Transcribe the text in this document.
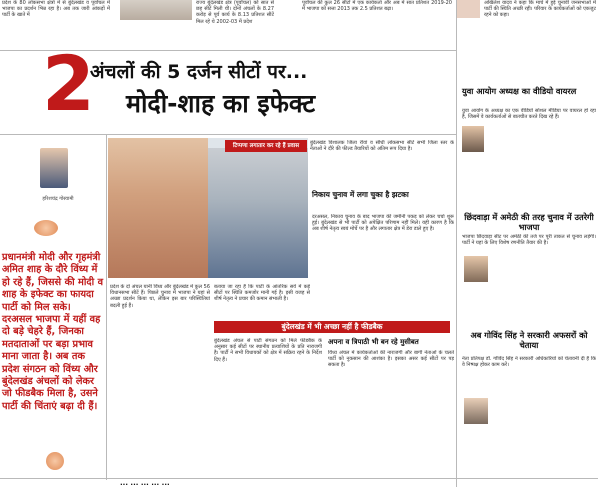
प्रदेश के 80 लोकसभा क्षेत्रों में से बुंदेलखंड व पूर्वांचल में भाजपा का प्रदर्शन भिन्न रहा है। अब तक जारी आंकड़ों में पार्टी के खाते में
राज्य बुंदेलखंड क्षेत्र (पूर्वांचल) को सात से छह सीटें मिली थीं। दोनों अंचलों के 8.27 करोड़ से पूर्व कार्य के 8.13 प्रतिशत सीटें मिल रहे थे 2002-03 में प्रदेश
पूर्वांचल की कुल 26 सीटों में एक कार्यकर्ता और अब में सात प्रतिशत 2019-20 में भाजपा को सत्ता 2013 तक 2.5 प्रतिशत बढ़ा।
अखिलेश यादव ने कहा कि मार्च में हुई चुनावी जनसभाओं में पार्टी की स्थिति अच्छी रही। परिवार के कार्यकर्ताओं को एकजुट रहने को कहा।
2
अंचलों की 5 दर्जन सीटों पर...
मोदी-शाह का इफेक्ट
हरिशचंद्र गोस्वामी
प्रधानमंत्री मोदी और गृहमंत्री अमित शाह के दौरे विंध्य में हो रहे हैं, जिससे की मोदी व शाह के इफेक्ट का फायदा पार्टी को मिल सके। दरअसल भाजपा में यहीं वह दो बड़े चेहरे हैं, जिनका मतदाताओं पर बड़ा प्रभाव माना जाता है। अब तक प्रदेश संगठन को विंध्य और बुंदेलखंड अंचलों को लेकर जो फीडबैक मिला है, उसने पार्टी की चिंताएं बढ़ा दी हैं।
टिप्पणा लगातार कर रहे हैं प्रवास	बुंदेलखंड विशालक जिला रीवां व सीधी लोकसभा सीटें सभी जिला स्तर के नेताओं ने दौरे की फील्ड तैयारियों को अंतिम रूप दिया है।
निकाय चुनाव में लगा चुका है झटका
दरअसल, निकाय चुनाव के बाद भाजपा की जमीनी पकड़ को लेकर चर्चा शुरू हुई। बुंदेलखंड से भी पार्टी को अपेक्षित परिणाम नहीं मिले। यही कारण है कि अब शीर्ष नेतृत्व स्वयं मोर्चे पर है और लगातार क्षेत्र में डेरा डाले हुए है।
प्रदेश के दो अंचल यानी विंध्य और बुंदेलखंड में कुल 56 विधानसभा सीटें हैं। पिछले चुनाव में भाजपा ने यहां से अच्छा प्रदर्शन किया था, लेकिन इस बार परिस्थितियां बदली हुई हैं।
बताया जा रहा है कि पार्टी के आंतरिक सर्वे में कई सीटों पर स्थिति कमजोर मानी गई है। इसी वजह से शीर्ष नेतृत्व ने प्रचार की कमान संभाली है।
बुंदेलखंड में भी अच्छा नहीं है फीडबैक
बुंदेलखंड अंचल से पार्टी संगठन को मिले फीडबैक के अनुसार कई सीटों पर स्थानीय प्रत्याशियों के प्रति नाराजगी है। पार्टी ने सभी विधायकों को क्षेत्र में सक्रिय रहने के निर्देश दिए हैं।
अपना व त्रिपाठी भी बन रहे मुसीबत
विंध्य अंचल में कार्यकर्ताओं की नाराजगी और बागी नेताओं के चलते पार्टी को नुकसान की आशंका है। इसका असर कई सीटों पर पड़ सकता है।
युवा आयोग अध्यक्ष का वीडियो वायरल
युवा आयोग के अध्यक्ष का एक वीडियो सोशल मीडिया पर वायरल हो रहा है, जिसमें वे कार्यकर्ताओं से बातचीत करते दिख रहे हैं।
छिंदवाड़ा में अमेठी की तरह चुनाव में उतरेगी भाजपा
भाजपा छिंदवाड़ा सीट पर अमेठी की तर्ज पर पूरी ताकत से चुनाव लड़ेगी। पार्टी ने यहां के लिए विशेष रणनीति तैयार की है।
अब गोविंद सिंह ने सरकारी अफसरों को चेताया
नेता प्रतिपक्ष डॉ. गोविंद सिंह ने सरकारी अधिकारियों को चेतावनी दी है कि वे निष्पक्ष होकर काम करें।
... ... ... ... ...
